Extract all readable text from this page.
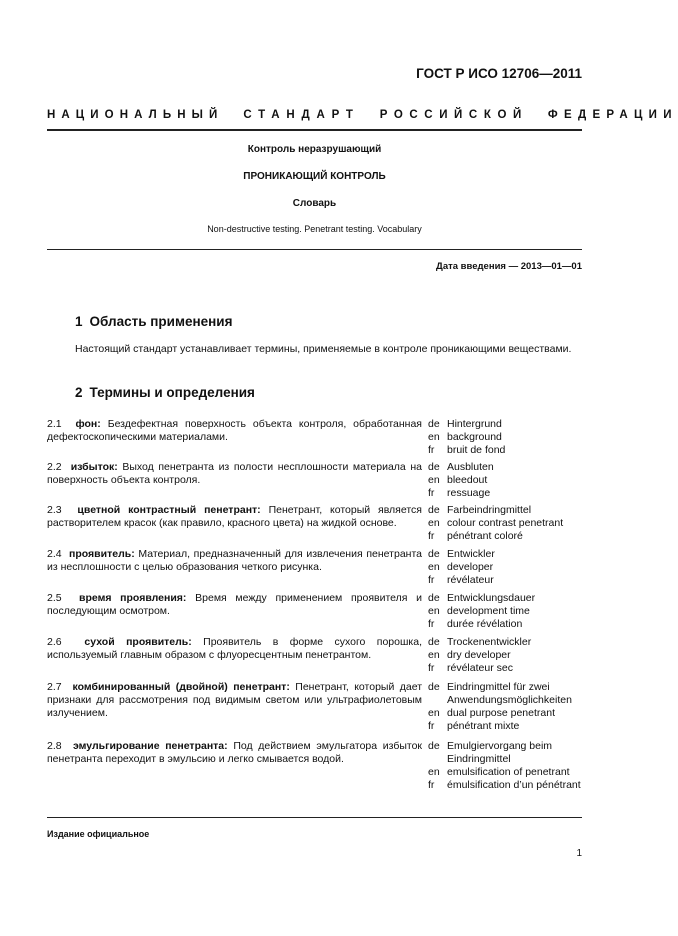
ГОСТ Р ИСО 12706—2011
НАЦИОНАЛЬНЫЙ СТАНДАРТ РОССИЙСКОЙ ФЕДЕРАЦИИ
Контроль неразрушающий
ПРОНИКАЮЩИЙ КОНТРОЛЬ
Словарь
Non-destructive testing. Penetrant testing. Vocabulary
Дата введения — 2013—01—01
1 Область применения
Настоящий стандарт устанавливает термины, применяемые в контроле проникающими веществами.
2 Термины и определения
2.1 фон: Бездефектная поверхность объекта контроля, обработанная дефектоскопическими материалами.
de Hintergrund
en background
fr	bruit de fond
2.2 избыток: Выход пенетранта из полости несплошности материала на поверхность объекта контроля.
de Ausbluten
en bleedout
fr	ressuage
2.3 цветной контрастный пенетрант: Пенетрант, который является растворителем красок (как правило, красного цвета) на жидкой основе.
de Farbeindringmittel
en colour contrast penetrant
fr	pénétrant coloré
2.4 проявитель: Материал, предназначенный для извлечения пенетранта из несплошности с целью образования четкого рисунка.
de Entwickler
en developer
fr	révélateur
2.5 время проявления: Время между применением проявителя и последующим осмотром.
de Entwicklungsdauer
en development time
fr	durée révélation
2.6 сухой проявитель: Проявитель в форме сухого порошка, используемый главным образом с флуоресцентным пенетрантом.
de Trockenentwickler
en dry developer
fr	révélateur sec
2.7 комбинированный (двойной) пенетрант: Пенетрант, который дает признаки для рассмотрения под видимым светом или ультрафиолетовым излучением.
de Eindringmittel für zwei Anwendungsmöglichkeiten
en dual purpose penetrant
fr	pénétrant mixte
2.8 эмульгирование пенетранта: Под действием эмульгатора избыток пенетранта переходит в эмульсию и легко смывается водой.
de Emulgiervorgang beim Eindringmittel
en emulsification of penetrant
fr	émulsification d’un pénétrant
Издание официальное
1
